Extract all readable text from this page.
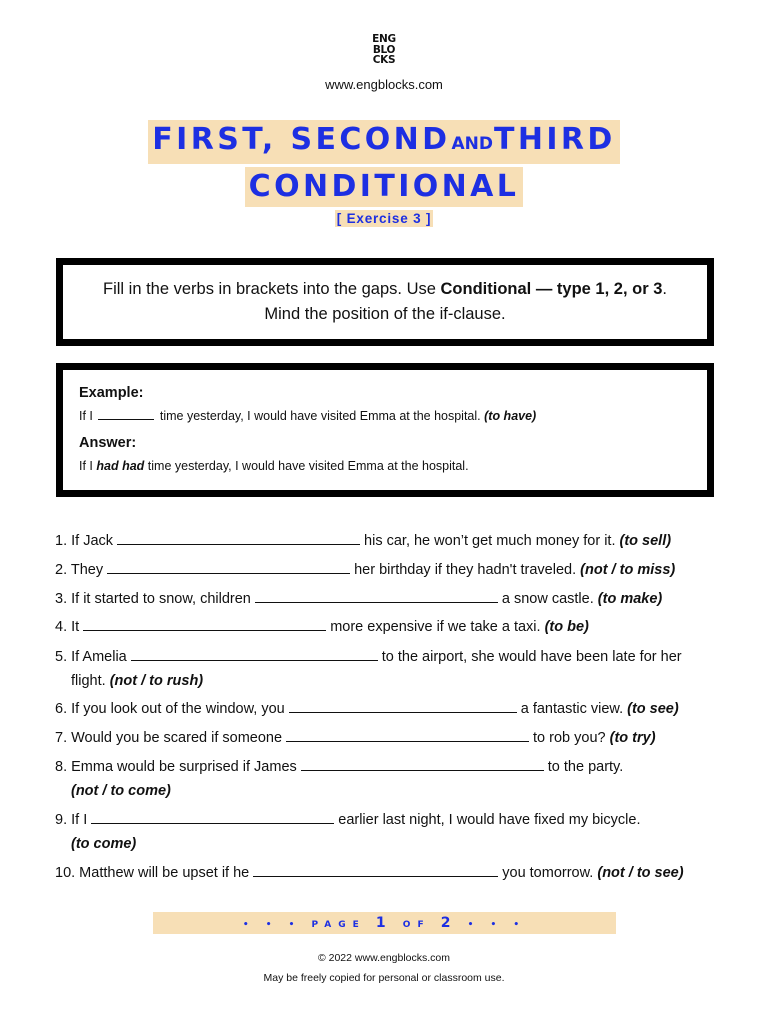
ENG
BLO
CKS
www.engblocks.com
FIRST, SECONDANDTHIRD
CONDITIONAL
[ Exercise 3 ]
Fill in the verbs in brackets into the gaps. Use Conditional — type 1, 2, or 3. Mind the position of the if-clause.
Example:
If I	time yesterday, I would have visited Emma at the hospital. (to have)
Answer:
If I had had time yesterday, I would have visited Emma at the hospital.
1. If Jack	his car, he won’t get much money for it. (to sell)
2. They	her birthday if they hadn't traveled. (not / to miss)
3. If it started to snow, children	a snow castle. (to make)
4. It	more expensive if we take a taxi. (to be)
5. If Amelia	to the airport, she would have been late for her
flight. (not / to rush)
6. If you look out of the window, you	a fantastic view. (to see)
7. Would you be scared if someone	to rob you? (to try)
8. Emma would be surprised if James	to the party.
(not / to come)
9. If I	earlier last night, I would have fixed my bicycle.
(to come)
10. Matthew will be upset if he	you tomorrow. (not / to see)
• • • PAGE 1 OF 2 • • •
© 2022 www.engblocks.com
May be freely copied for personal or classroom use.
